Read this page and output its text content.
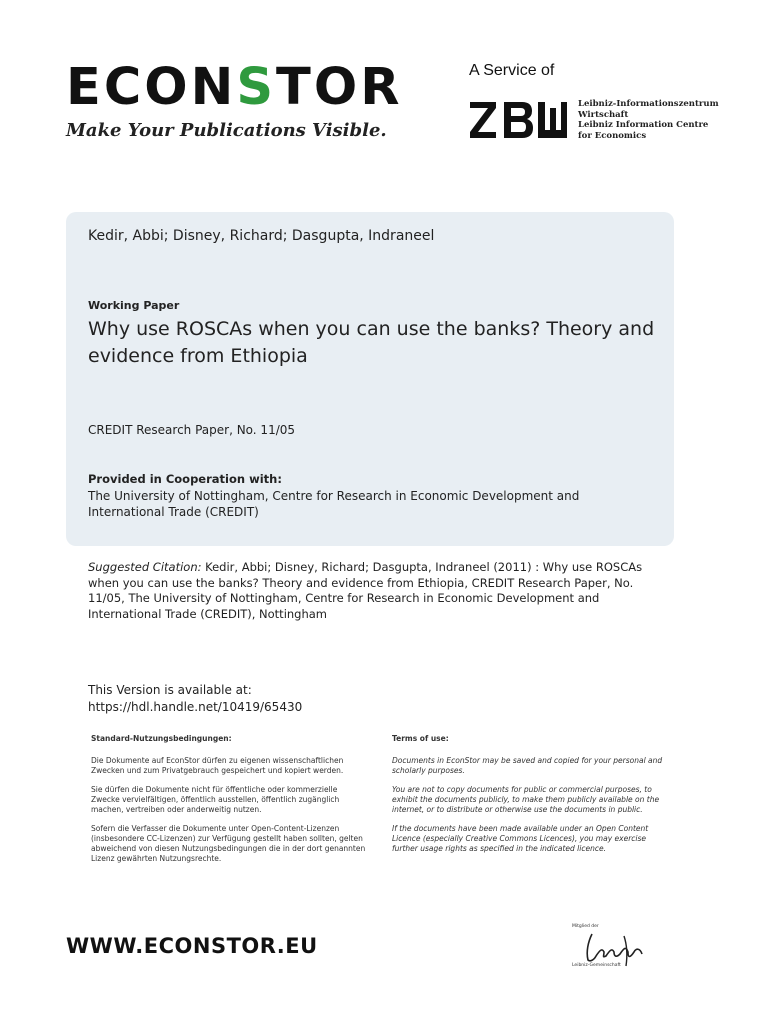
ECONSTOR
Make Your Publications Visible.
A Service of
Leibniz-Informationszentrum
Wirtschaft
Leibniz Information Centre
for Economics
Kedir, Abbi; Disney, Richard; Dasgupta, Indraneel
Working Paper
Why use ROSCAs when you can use the banks? Theory and evidence from Ethiopia
CREDIT Research Paper, No. 11/05
Provided in Cooperation with:
The University of Nottingham, Centre for Research in Economic Development and International Trade (CREDIT)
Suggested Citation: Kedir, Abbi; Disney, Richard; Dasgupta, Indraneel (2011) : Why use ROSCAs when you can use the banks? Theory and evidence from Ethiopia, CREDIT Research Paper, No. 11/05, The University of Nottingham, Centre for Research in Economic Development and International Trade (CREDIT), Nottingham
This Version is available at:
https://hdl.handle.net/10419/65430
Standard-Nutzungsbedingungen:

Die Dokumente auf EconStor dürfen zu eigenen wissenschaftlichen Zwecken und zum Privatgebrauch gespeichert und kopiert werden.

Sie dürfen die Dokumente nicht für öffentliche oder kommerzielle Zwecke vervielfältigen, öffentlich ausstellen, öffentlich zugänglich machen, vertreiben oder anderweitig nutzen.

Sofern die Verfasser die Dokumente unter Open-Content-Lizenzen (insbesondere CC-Lizenzen) zur Verfügung gestellt haben sollten, gelten abweichend von diesen Nutzungsbedingungen die in der dort genannten Lizenz gewährten Nutzungsrechte.

Terms of use:

Documents in EconStor may be saved and copied for your personal and scholarly purposes.

You are not to copy documents for public or commercial purposes, to exhibit the documents publicly, to make them publicly available on the internet, or to distribute or otherwise use the documents in public.

If the documents have been made available under an Open Content Licence (especially Creative Commons Licences), you may exercise further usage rights as specified in the indicated licence.

WWW.ECONSTOR.EU
Mitglied der
Leibniz-Gemeinschaft
